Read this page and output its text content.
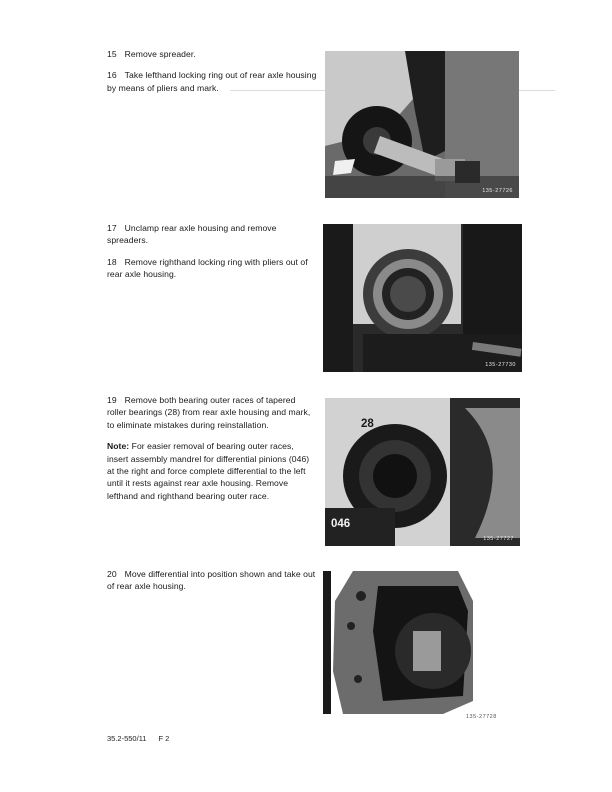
15 Remove spreader.

16 Take lefthand locking ring out of rear axle housing by means of pliers and mark.

135-27726

17 Unclamp rear axle housing and remove spreaders.

18 Remove righthand locking ring with pliers out of rear axle housing.

135-27730

19 Remove both bearing outer races of tapered roller bearings (28) from rear axle housing and mark, to eliminate mistakes during reinstallation.

Note: For easier removal of bearing outer races, insert assembly mandrel for differential pinions (046) at the right and force complete differential to the left until it rests against rear axle housing. Remove lefthand and righthand bearing outer race.

28
046
135-27727

20 Move differential into position shown and take out of rear axle housing.

135-27728
35.2-550/11 F 2
